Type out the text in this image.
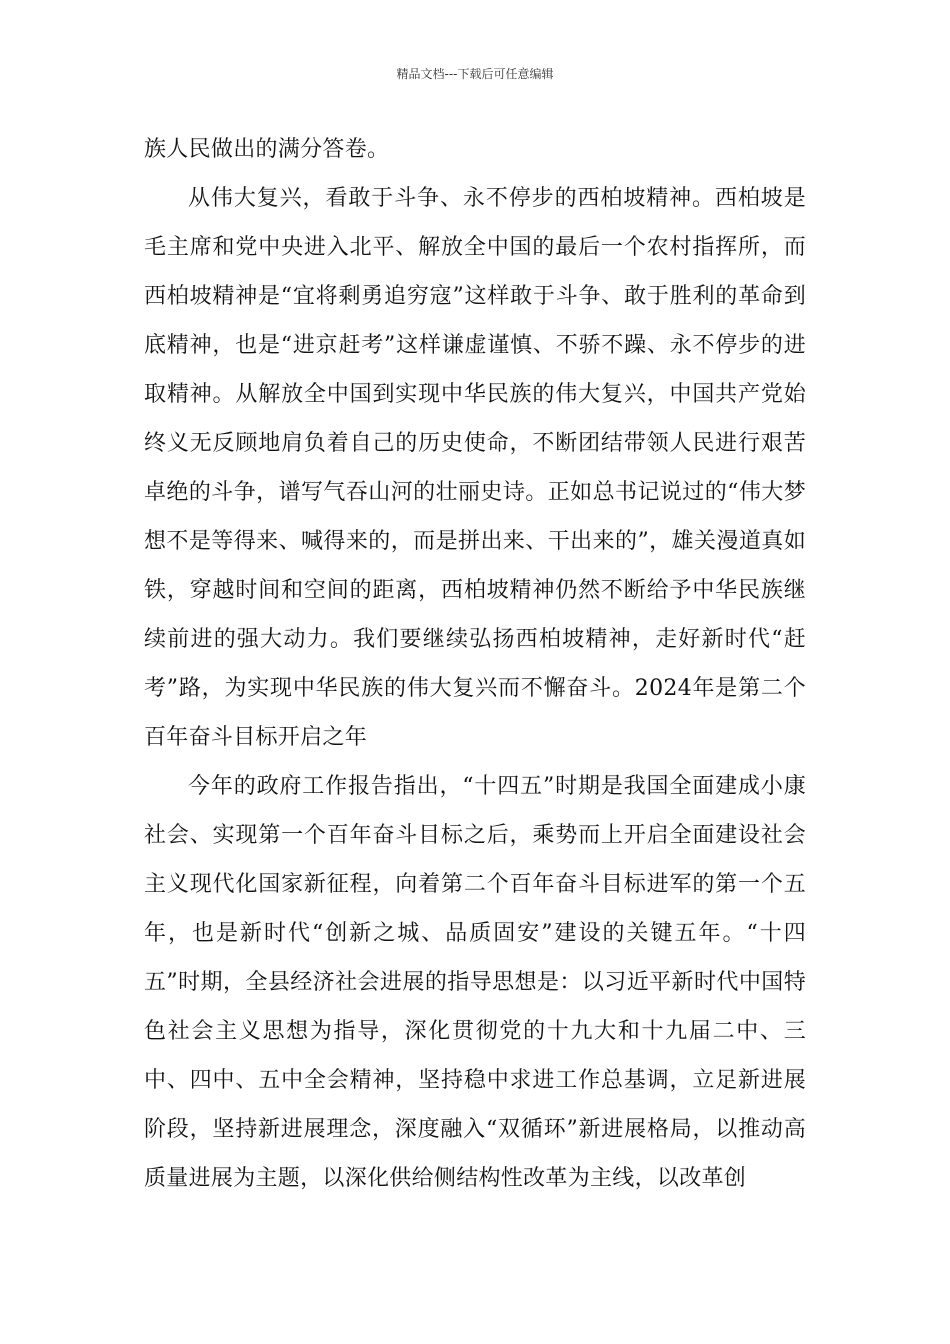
精品文档---下载后可任意编辑

族人民做出的满分答卷。

从伟大复兴，看敢于斗争、永不停步的西柏坡精神。西柏坡是毛主席和党中央进入北平、解放全中国的最后一个农村指挥所，而西柏坡精神是“宜将剩勇追穷寇”这样敢于斗争、敢于胜利的革命到底精神，也是“进京赶考”这样谦虚谨慎、不骄不躁、永不停步的进取精神。从解放全中国到实现中华民族的伟大复兴，中国共产党始终义无反顾地肩负着自己的历史使命，不断团结带领人民进行艰苦卓绝的斗争，谱写气吞山河的壮丽史诗。正如总书记说过的“伟大梦想不是等得来、喊得来的，而是拼出来、干出来的”，雄关漫道真如铁，穿越时间和空间的距离，西柏坡精神仍然不断给予中华民族继续前进的强大动力。我们要继续弘扬西柏坡精神，走好新时代“赶考”路，为实现中华民族的伟大复兴而不懈奋斗。2024年是第二个百年奋斗目标开启之年

今年的政府工作报告指出，“十四五”时期是我国全面建成小康社会、实现第一个百年奋斗目标之后，乘势而上开启全面建设社会主义现代化国家新征程，向着第二个百年奋斗目标进军的第一个五年，也是新时代“创新之城、品质固安”建设的关键五年。“十四五”时期，全县经济社会进展的指导思想是：以习近平新时代中国特色社会主义思想为指导，深化贯彻党的十九大和十九届二中、三中、四中、五中全会精神，坚持稳中求进工作总基调，立足新进展阶段，坚持新进展理念，深度融入“双循环”新进展格局，以推动高质量进展为主题，以深化供给侧结构性改革为主线，以改革创
